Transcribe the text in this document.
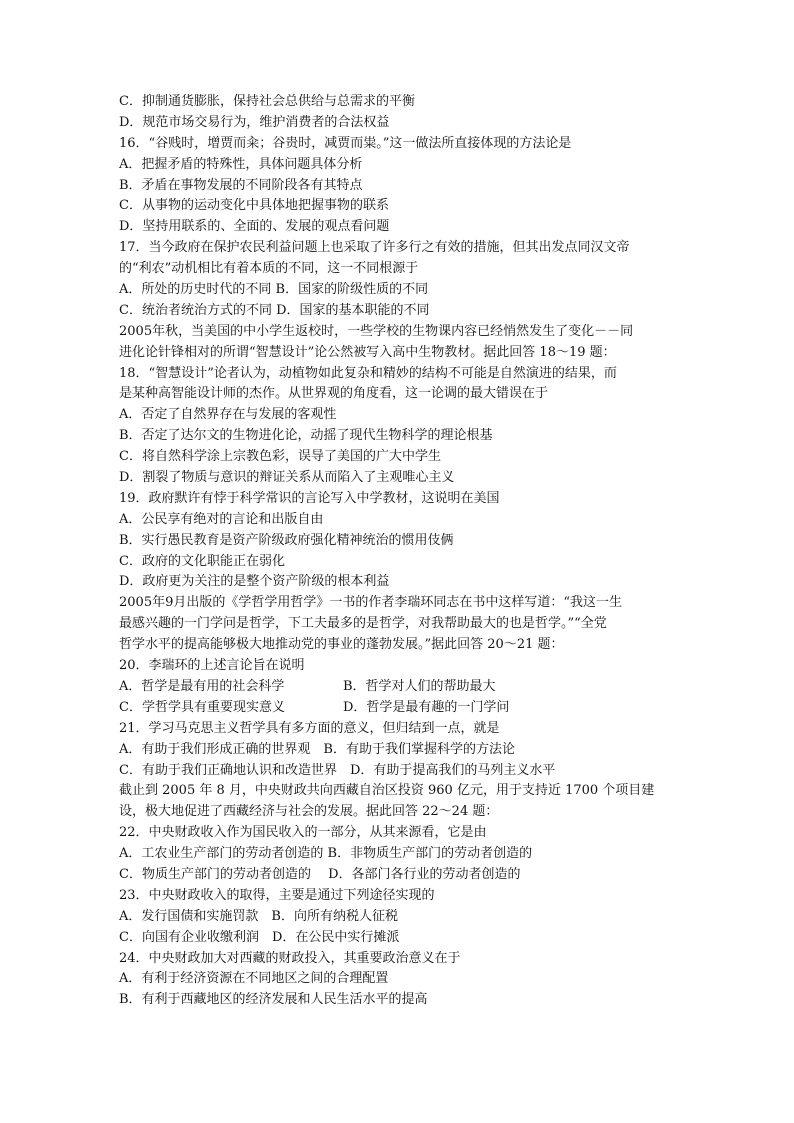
C．抑制通货膨胀，保持社会总供给与总需求的平衡
D．规范市场交易行为，维护消费者的合法权益
16．“谷贱时，增贾而籴；谷贵时，减贾而粜。”这一做法所直接体现的方法论是
A．把握矛盾的特殊性，具体问题具体分析
B．矛盾在事物发展的不同阶段各有其特点
C．从事物的运动变化中具体地把握事物的联系
D．坚持用联系的、全面的、发展的观点看问题
17．当今政府在保护农民利益问题上也采取了许多行之有效的措施，但其出发点同汉文帝
的“利农”动机相比有着本质的不同，这一不同根源于
A．所处的历史时代的不同 B．国家的阶级性质的不同
C．统治者统治方式的不同 D．国家的基本职能的不同
2005年秋，当美国的中小学生返校时，一些学校的生物课内容已经悄然发生了变化－－同
进化论针锋相对的所谓“智慧设计”论公然被写入高中生物教材。据此回答 18～19 题：
18．“智慧设计”论者认为，动植物如此复杂和精妙的结构不可能是自然演进的结果，而
是某种高智能设计师的杰作。从世界观的角度看，这一论调的最大错误在于
A．否定了自然界存在与发展的客观性
B．否定了达尔文的生物进化论，动摇了现代生物科学的理论根基
C．将自然科学涂上宗教色彩，误导了美国的广大中学生
D．割裂了物质与意识的辩证关系从而陷入了主观唯心主义
19．政府默许有悖于科学常识的言论写入中学教材，这说明在美国
A．公民享有绝对的言论和出版自由
B．实行愚民教育是资产阶级政府强化精神统治的惯用伎俩
C．政府的文化职能正在弱化
D．政府更为关注的是整个资产阶级的根本利益
2005年9月出版的《学哲学用哲学》一书的作者李瑞环同志在书中这样写道：“我这一生
最感兴趣的一门学问是哲学，下工夫最多的是哲学，对我帮助最大的也是哲学。”“全党
哲学水平的提高能够极大地推动党的事业的蓬勃发展。”据此回答 20～21 题：
20．李瑞环的上述言论旨在说明
A．哲学是最有用的社会科学	B．哲学对人们的帮助最大
C．学哲学具有重要现实意义	D．哲学是最有趣的一门学问
21．学习马克思主义哲学具有多方面的意义，但归结到一点，就是
A．有助于我们形成正确的世界观　B．有助于我们掌握科学的方法论
C．有助于我们正确地认识和改造世界　D．有助于提高我们的马列主义水平
截止到 2005 年 8 月，中央财政共向西藏自治区投资 960 亿元，用于支持近 1700 个项目建
设，极大地促进了西藏经济与社会的发展。据此回答 22～24 题：
22．中央财政收入作为国民收入的一部分，从其来源看，它是由
A．工农业生产部门的劳动者创造的 B．非物质生产部门的劳动者创造的
C．物质生产部门的劳动者创造的　 D．各部门各行业的劳动者创造的
23．中央财政收入的取得，主要是通过下列途径实现的
A．发行国债和实施罚款　B．向所有纳税人征税
C．向国有企业收缴利润　D．在公民中实行摊派
24．中央财政加大对西藏的财政投入，其重要政治意义在于
A．有利于经济资源在不同地区之间的合理配置
B．有利于西藏地区的经济发展和人民生活水平的提高
